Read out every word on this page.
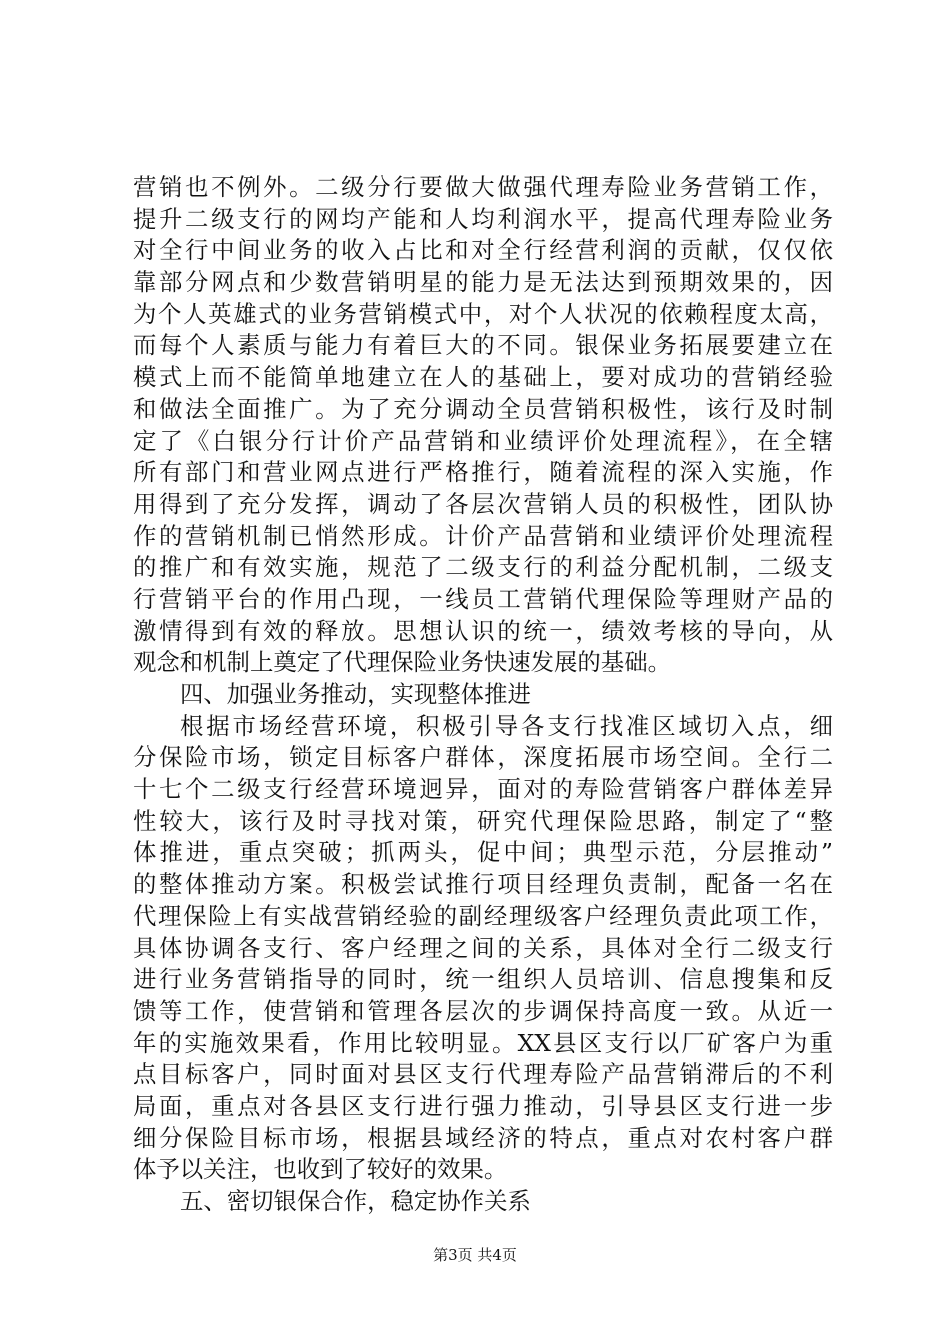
营销也不例外。二级分行要做大做强代理寿险业务营销工作，
提升二级支行的网均产能和人均利润水平，提高代理寿险业务
对全行中间业务的收入占比和对全行经营利润的贡献，仅仅依
靠部分网点和少数营销明星的能力是无法达到预期效果的，因
为个人英雄式的业务营销模式中，对个人状况的依赖程度太高，
而每个人素质与能力有着巨大的不同。银保业务拓展要建立在
模式上而不能简单地建立在人的基础上，要对成功的营销经验
和做法全面推广。为了充分调动全员营销积极性，该行及时制
定了《白银分行计价产品营销和业绩评价处理流程》，在全辖
所有部门和营业网点进行严格推行，随着流程的深入实施，作
用得到了充分发挥，调动了各层次营销人员的积极性，团队协
作的营销机制已悄然形成。计价产品营销和业绩评价处理流程
的推广和有效实施，规范了二级支行的利益分配机制，二级支
行营销平台的作用凸现，一线员工营销代理保险等理财产品的
激情得到有效的释放。思想认识的统一，绩效考核的导向，从
观念和机制上奠定了代理保险业务快速发展的基础。
四、加强业务推动，实现整体推进
根据市场经营环境，积极引导各支行找准区域切入点，细
分保险市场，锁定目标客户群体，深度拓展市场空间。全行二
十七个二级支行经营环境迥异，面对的寿险营销客户群体差异
性较大，该行及时寻找对策，研究代理保险思路，制定了“整
体推进，重点突破；抓两头，促中间；典型示范，分层推动”
的整体推动方案。积极尝试推行项目经理负责制，配备一名在
代理保险上有实战营销经验的副经理级客户经理负责此项工作，
具体协调各支行、客户经理之间的关系，具体对全行二级支行
进行业务营销指导的同时，统一组织人员培训、信息搜集和反
馈等工作，使营销和管理各层次的步调保持高度一致。从近一
年的实施效果看，作用比较明显。XX县区支行以厂矿客户为重
点目标客户，同时面对县区支行代理寿险产品营销滞后的不利
局面，重点对各县区支行进行强力推动，引导县区支行进一步
细分保险目标市场，根据县域经济的特点，重点对农村客户群
体予以关注，也收到了较好的效果。
五、密切银保合作，稳定协作关系
第3页 共4页
